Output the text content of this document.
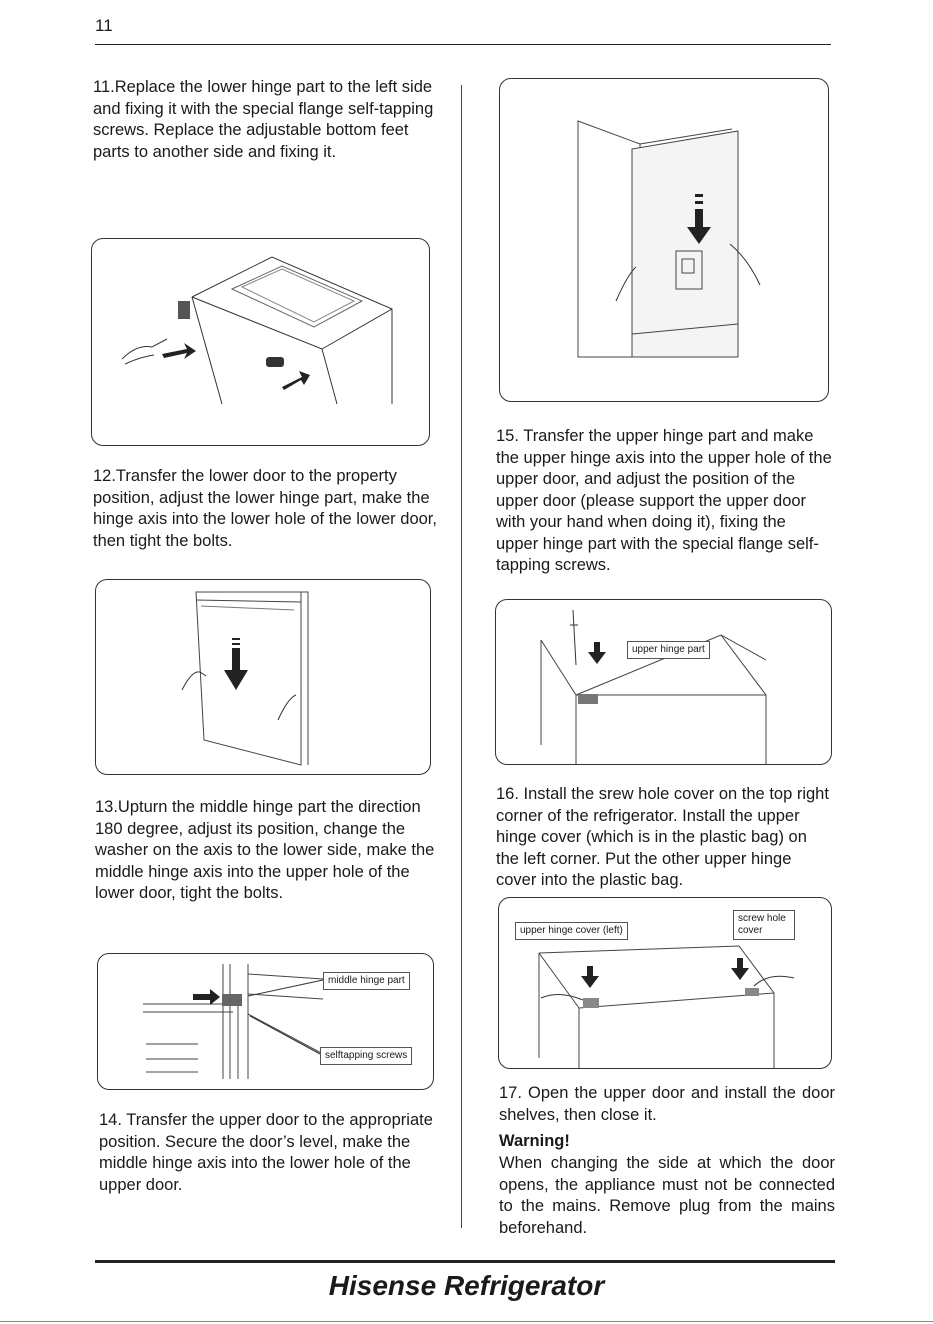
11
11.Replace the lower hinge part to the left side and fixing it with the special flange self-tapping screws. Replace the adjustable bottom feet parts to another side and fixing it.
12.Transfer the lower door to the property position, adjust the lower hinge part, make the hinge axis into the lower hole of the lower door, then tight the bolts.
13.Upturn the middle hinge part the direction 180 degree, adjust its position, change the washer on the axis to the lower side, make the middle hinge axis into the upper hole of the lower door, tight the bolts.
middle hinge part
selftapping screws
14. Transfer the upper door to the appropriate position. Secure the door’s level, make the middle hinge axis into the lower hole of the upper door.
15. Transfer the upper hinge part and make the upper hinge axis into the upper hole of the upper door, and adjust the position of the upper door (please support the upper door with your hand when doing it), fixing the upper hinge part with the special flange self-tapping screws.
upper hinge part
16. Install the srew hole cover on the top right corner of the refrigerator. Install the upper hinge cover (which is in the plastic bag) on the left corner. Put the other upper hinge cover into the plastic bag.
upper hinge cover (left)
screw hole cover
17. Open the upper door and install the door shelves, then close it.
Warning!
When changing the side at which the door opens, the appliance must not be connected to the mains. Remove plug from the mains beforehand.
Hisense Refrigerator
